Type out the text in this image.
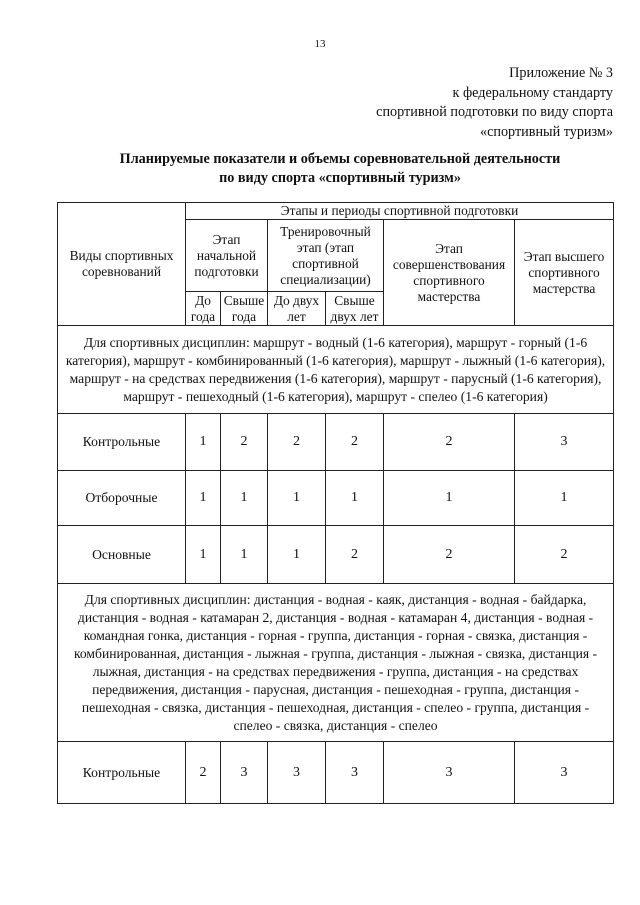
13
Приложение № 3
к федеральному стандарту
спортивной подготовки по виду спорта
«спортивный туризм»
Планируемые показатели и объемы соревновательной деятельности
по виду спорта «спортивный туризм»
Виды спортивных соревнований	Этапы и периоды спортивной подготовки					
	Этап начальной подготовки		Тренировочный этап (этап спортивной специализации)		Этап совершенствования спортивного мастерства	Этап высшего спортивного мастерства
	До года	Свыше года	До двух лет	Свыше двух лет		
Для спортивных дисциплин: маршрут - водный (1-6 категория), маршрут - горный (1-6 категория), маршрут - комбинированный (1-6 категория), маршрут - лыжный (1-6 категория), маршрут - на средствах передвижения (1-6 категория), маршрут - парусный (1-6 категория), маршрут - пешеходный (1-6 категория), маршрут - спелео (1-6 категория)						
Контрольные	1	2	2	2	2	3
Отборочные	1	1	1	1	1	1
Основные	1	1	1	2	2	2
Для спортивных дисциплин: дистанция - водная - каяк, дистанция - водная - байдарка, дистанция - водная - катамаран 2, дистанция - водная - катамаран 4, дистанция - водная - командная гонка, дистанция - горная - группа, дистанция - горная - связка, дистанция - комбинированная, дистанция - лыжная - группа, дистанция - лыжная - связка, дистанция - лыжная, дистанция - на средствах передвижения - группа, дистанция - на средствах передвижения, дистанция - парусная, дистанция - пешеходная - группа, дистанция - пешеходная - связка, дистанция - пешеходная, дистанция - спелео - группа, дистанция - спелео - связка, дистанция - спелео						
Контрольные	2	3	3	3	3	3
